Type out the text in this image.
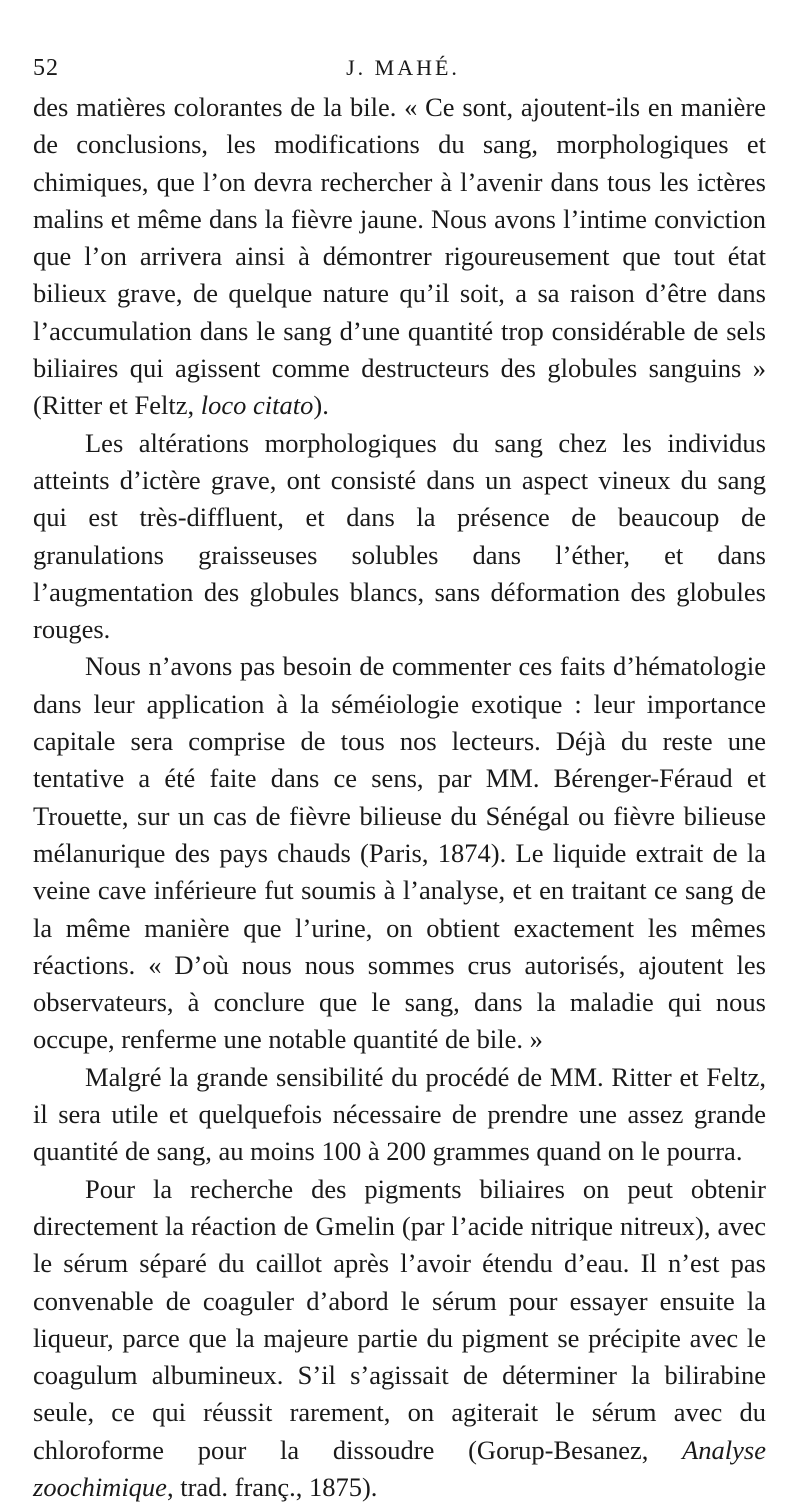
52	J. MAHÉ.

des matières colorantes de la bile. « Ce sont, ajoutent-ils en manière de conclusions, les modifications du sang, morphologiques et chimiques, que l’on devra rechercher à l’avenir dans tous les ictères malins et même dans la fièvre jaune. Nous avons l’intime conviction que l’on arrivera ainsi à démontrer rigoureusement que tout état bilieux grave, de quelque nature qu’il soit, a sa raison d’être dans l’accumulation dans le sang d’une quantité trop considérable de sels biliaires qui agissent comme destructeurs des globules sanguins » (Ritter et Feltz, loco citato).

Les altérations morphologiques du sang chez les individus atteints d’ictère grave, ont consisté dans un aspect vineux du sang qui est très-diffluent, et dans la présence de beaucoup de granulations graisseuses solubles dans l’éther, et dans l’augmentation des globules blancs, sans déformation des globules rouges.

Nous n’avons pas besoin de commenter ces faits d’hématologie dans leur application à la séméiologie exotique : leur importance capitale sera comprise de tous nos lecteurs. Déjà du reste une tentative a été faite dans ce sens, par MM. Bérenger-Féraud et Trouette, sur un cas de fièvre bilieuse du Sénégal ou fièvre bilieuse mélanurique des pays chauds (Paris, 1874). Le liquide extrait de la veine cave inférieure fut soumis à l’analyse, et en traitant ce sang de la même manière que l’urine, on obtient exactement les mêmes réactions. « D’où nous nous sommes crus autorisés, ajoutent les observateurs, à conclure que le sang, dans la maladie qui nous occupe, renferme une notable quantité de bile. »

Malgré la grande sensibilité du procédé de MM. Ritter et Feltz, il sera utile et quelquefois nécessaire de prendre une assez grande quantité de sang, au moins 100 à 200 grammes quand on le pourra.

Pour la recherche des pigments biliaires on peut obtenir directement la réaction de Gmelin (par l’acide nitrique nitreux), avec le sérum séparé du caillot après l’avoir étendu d’eau. Il n’est pas convenable de coaguler d’abord le sérum pour essayer ensuite la liqueur, parce que la majeure partie du pigment se précipite avec le coagulum albumineux. S’il s’agissait de déterminer la bilirabine seule, ce qui réussit rarement, on agiterait le sérum avec du chloroforme pour la dissoudre (Gorup-Besanez, Analyse zoochimique, trad. franç., 1875).
